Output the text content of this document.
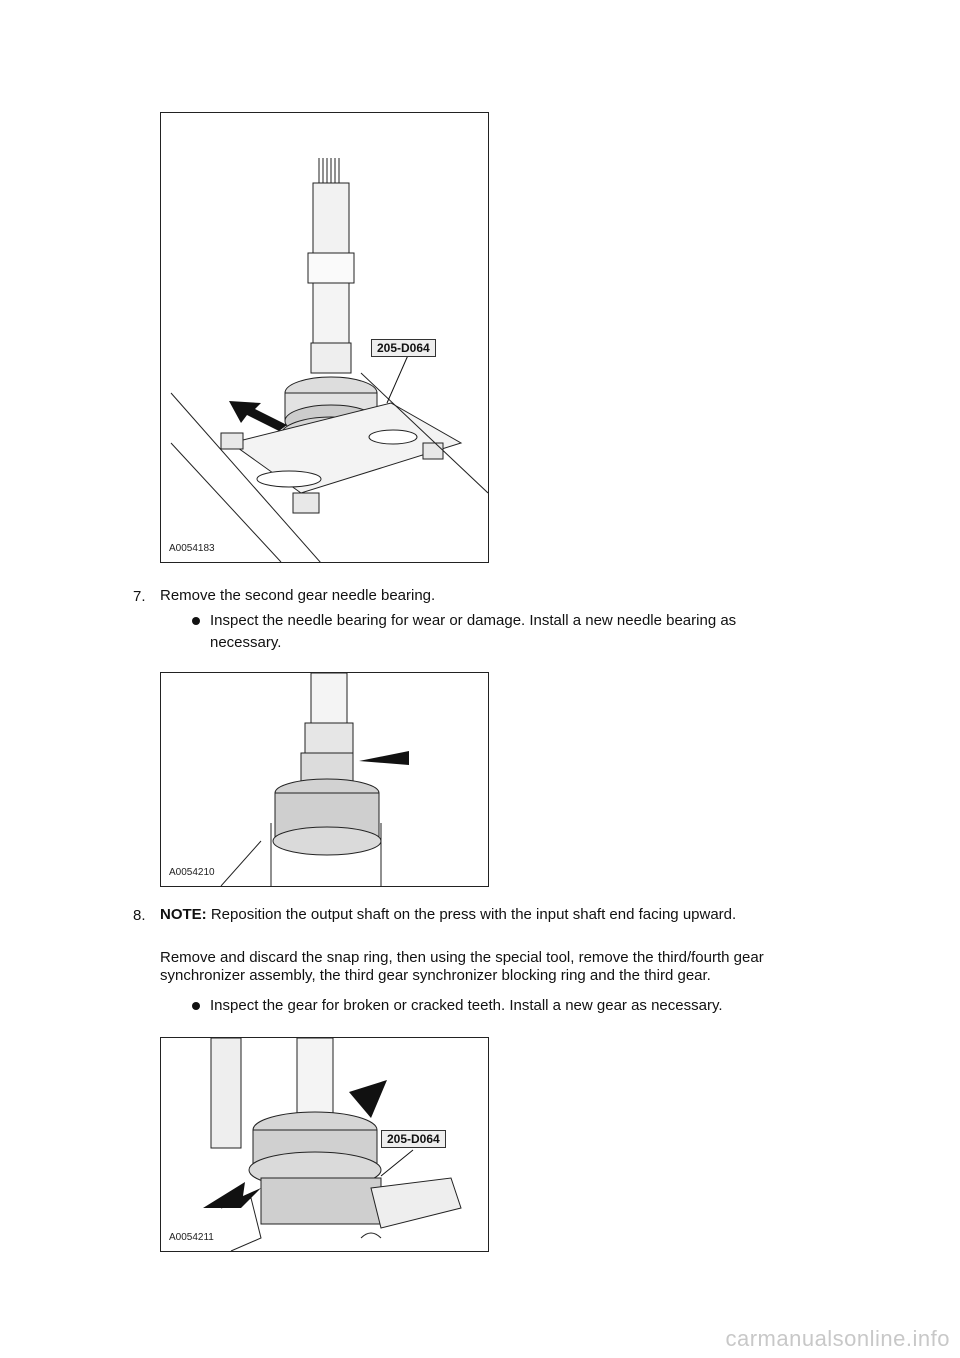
205-D064
A0054183
7. Remove the second gear needle bearing.
Inspect the needle bearing for wear or damage. Install a new needle bearing as necessary.
A0054210
8. NOTE: Reposition the output shaft on the press with the input shaft end facing upward.
Remove and discard the snap ring, then using the special tool, remove the third/fourth gear synchronizer assembly, the third gear synchronizer blocking ring and the third gear.
Inspect the gear for broken or cracked teeth. Install a new gear as necessary.
205-D064
A0054211
carmanualsonline.info
